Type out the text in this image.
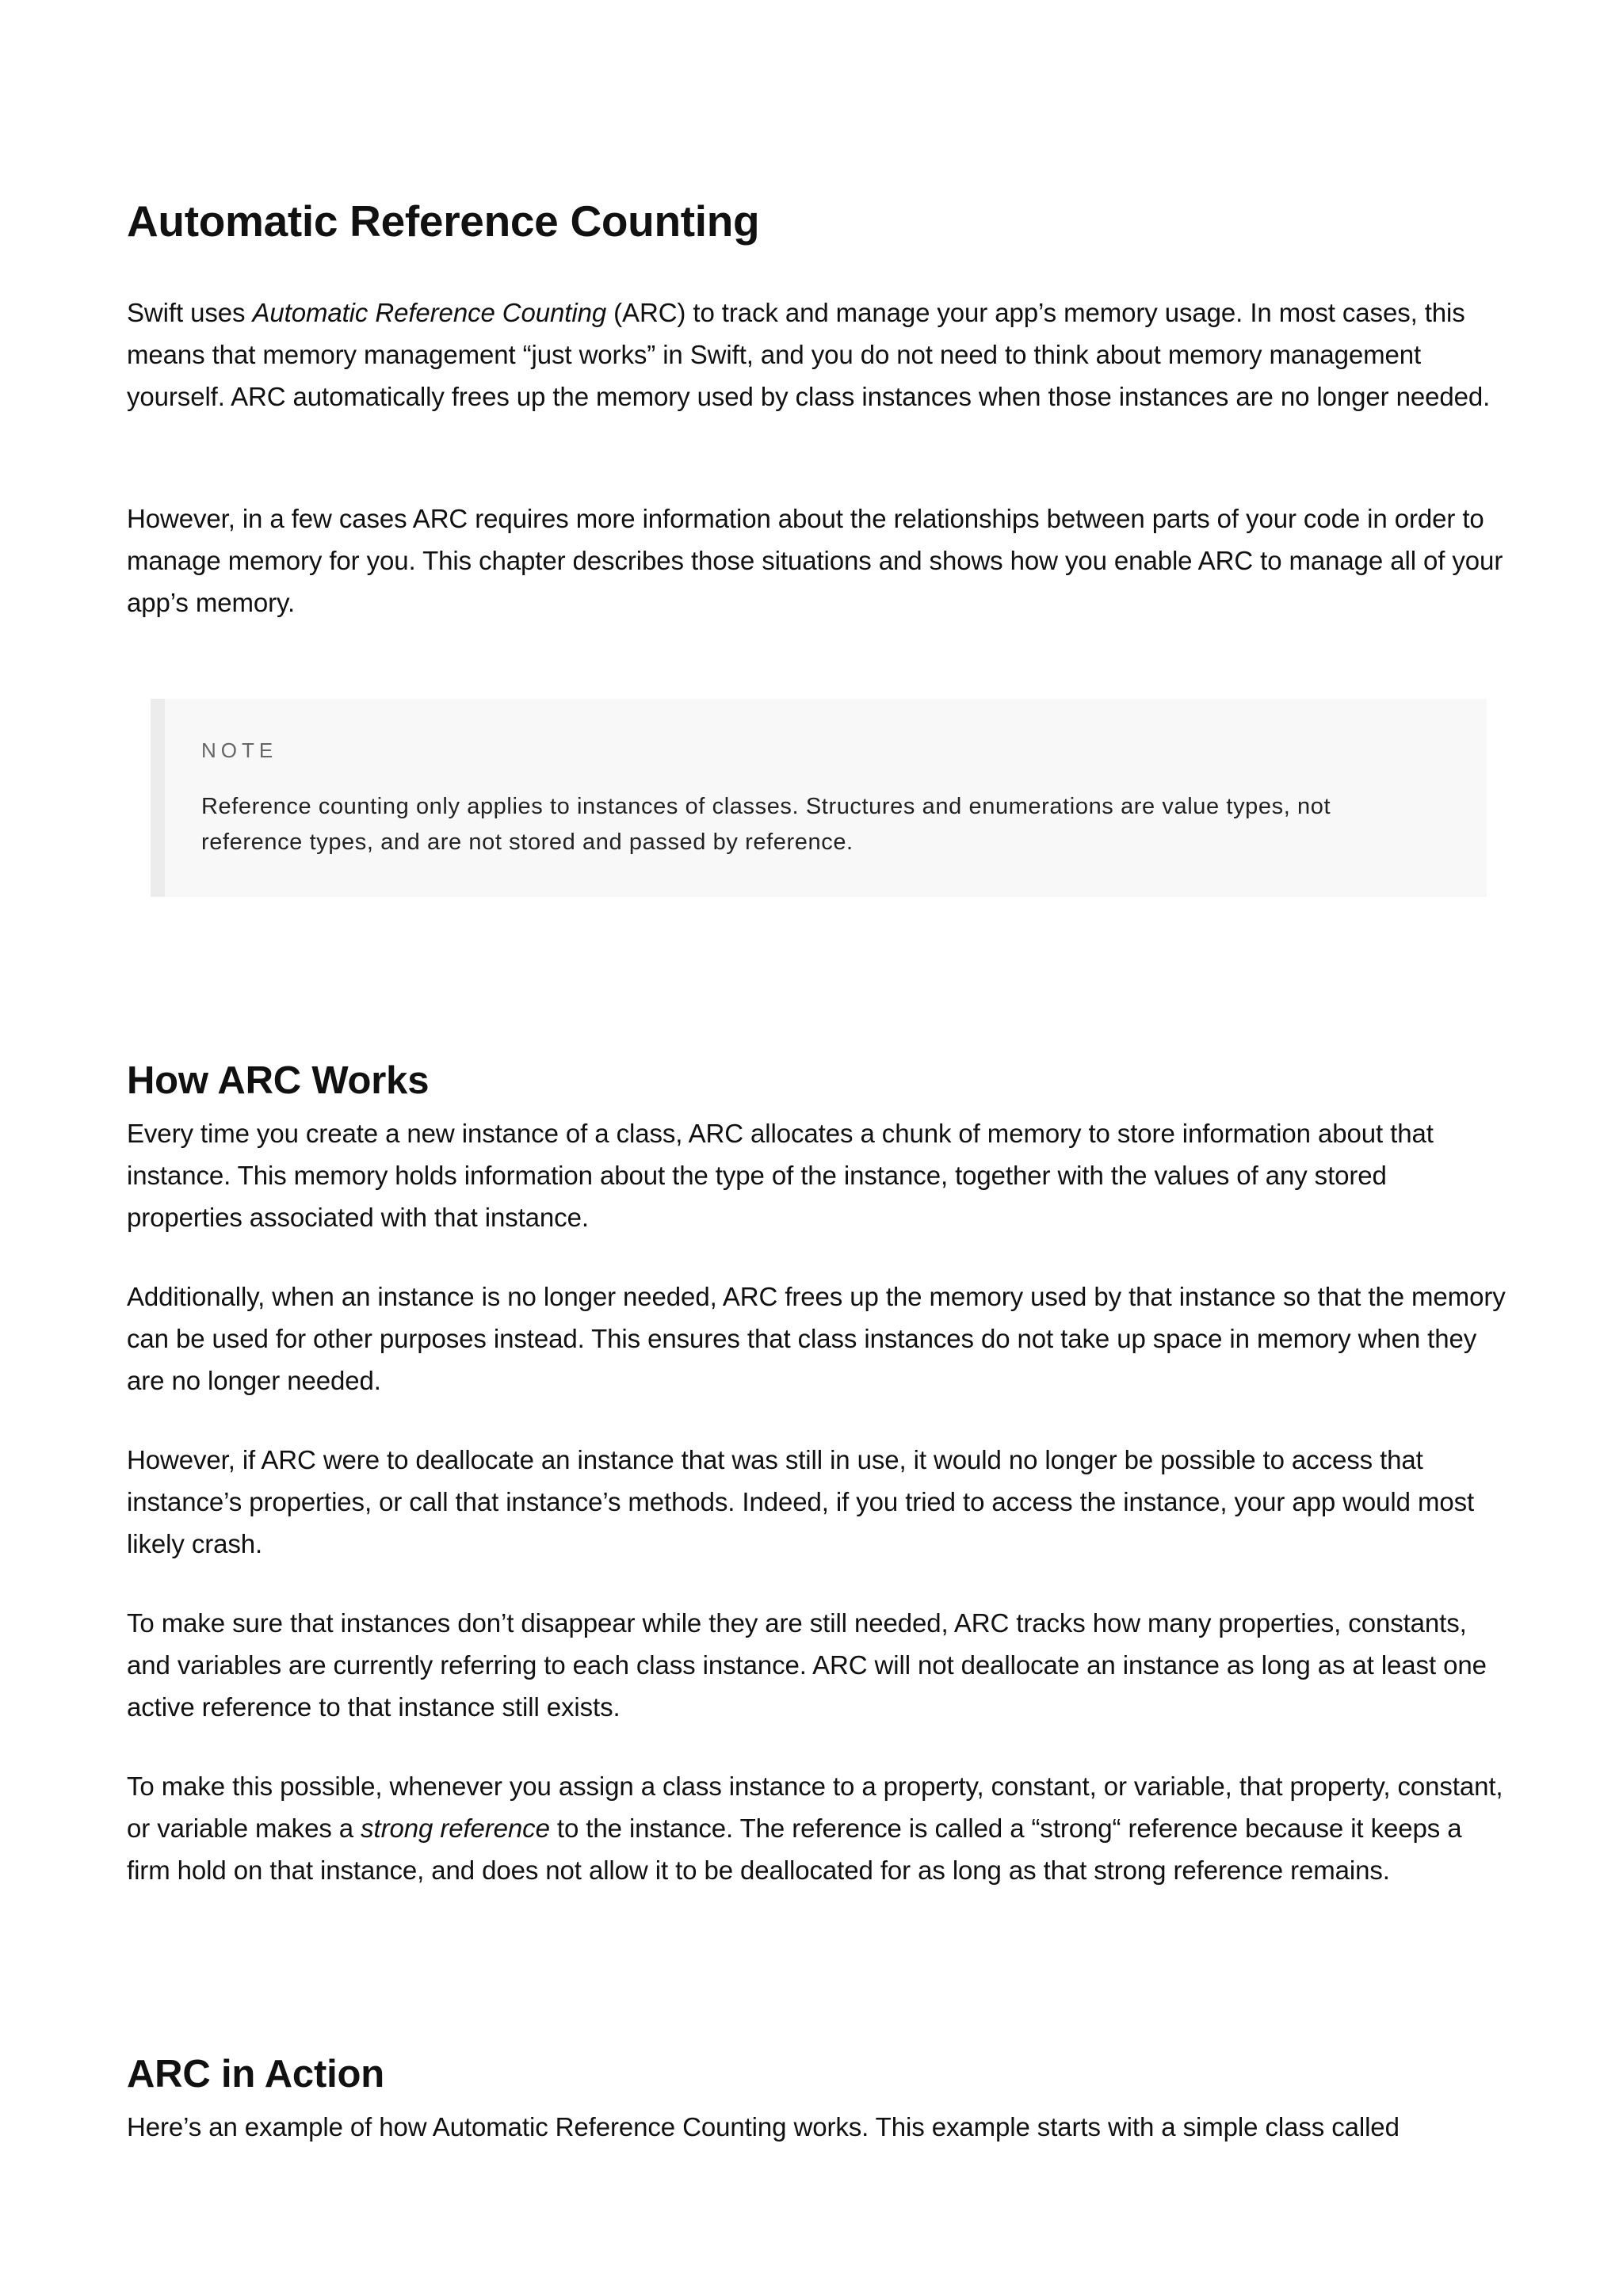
Automatic Reference Counting

Swift uses Automatic Reference Counting (ARC) to track and manage your app’s memory usage. In most cases, this means that memory management “just works” in Swift, and you do not need to think about memory management yourself. ARC automatically frees up the memory used by class instances when those instances are no longer needed.

However, in a few cases ARC requires more information about the relationships between parts of your code in order to manage memory for you. This chapter describes those situations and shows how you enable ARC to manage all of your app’s memory.

NOTE

Reference counting only applies to instances of classes. Structures and enumerations are value types, not reference types, and are not stored and passed by reference.

How ARC Works

Every time you create a new instance of a class, ARC allocates a chunk of memory to store information about that instance. This memory holds information about the type of the instance, together with the values of any stored properties associated with that instance.

Additionally, when an instance is no longer needed, ARC frees up the memory used by that instance so that the memory can be used for other purposes instead. This ensures that class instances do not take up space in memory when they are no longer needed.

However, if ARC were to deallocate an instance that was still in use, it would no longer be possible to access that instance’s properties, or call that instance’s methods. Indeed, if you tried to access the instance, your app would most likely crash.

To make sure that instances don’t disappear while they are still needed, ARC tracks how many properties, constants, and variables are currently referring to each class instance. ARC will not deallocate an instance as long as at least one active reference to that instance still exists.

To make this possible, whenever you assign a class instance to a property, constant, or variable, that property, constant, or variable makes a strong reference to the instance. The reference is called a “strong“ reference because it keeps a firm hold on that instance, and does not allow it to be deallocated for as long as that strong reference remains.

ARC in Action

Here’s an example of how Automatic Reference Counting works. This example starts with a simple class called
